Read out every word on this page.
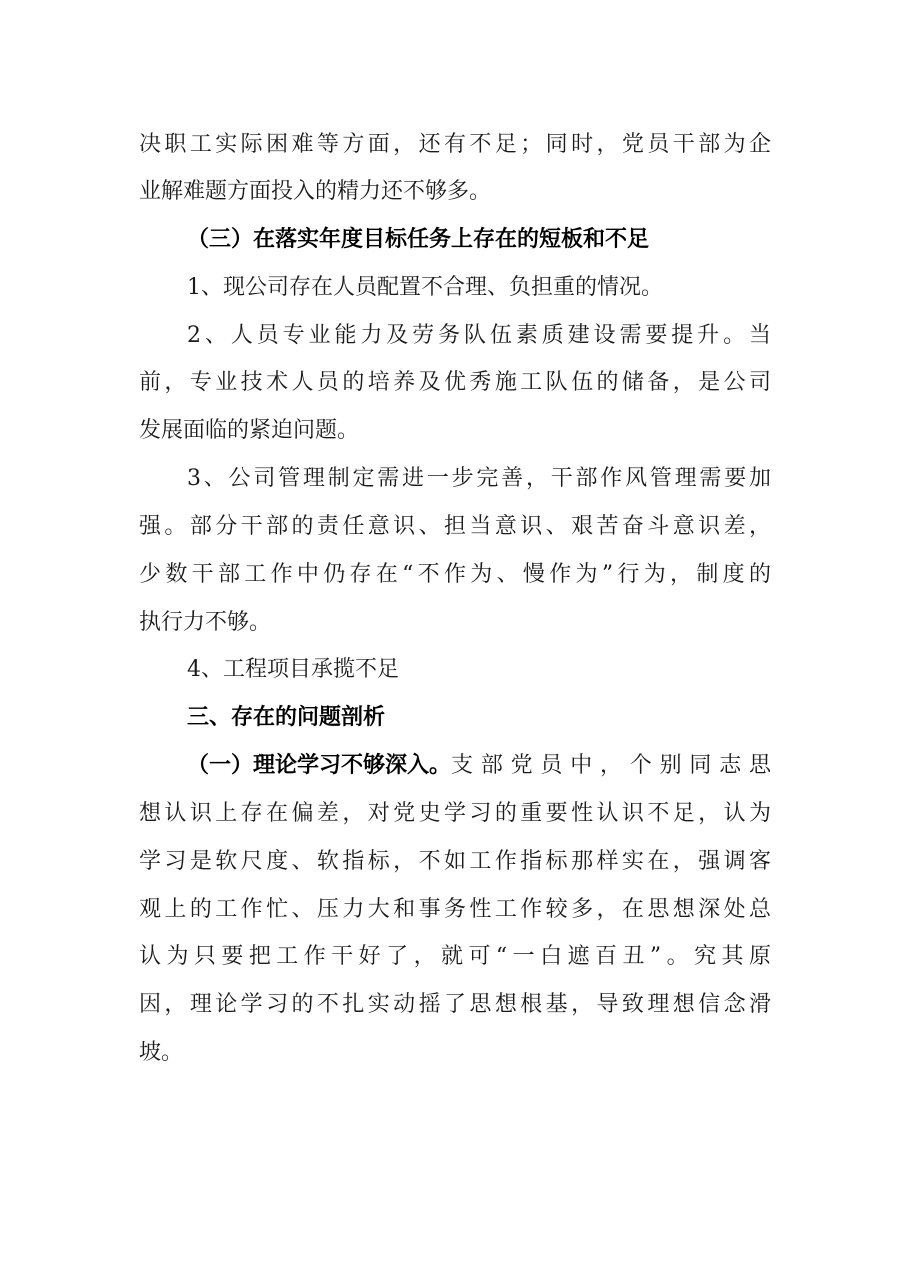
决职工实际困难等方面，还有不足；同时，党员干部为企
业解难题方面投入的精力还不够多。
（三）在落实年度目标任务上存在的短板和不足
1、现公司存在人员配置不合理、负担重的情况。
2、人员专业能力及劳务队伍素质建设需要提升。当
前，专业技术人员的培养及优秀施工队伍的储备，是公司
发展面临的紧迫问题。
3、公司管理制定需进一步完善，干部作风管理需要加
强。部分干部的责任意识、担当意识、艰苦奋斗意识差，
少数干部工作中仍存在“不作为、慢作为”行为，制度的
执行力不够。
4、工程项目承揽不足
三、存在的问题剖析
（一）理论学习不够深入。 支部党员中，个别同志思
想认识上存在偏差，对党史学习的重要性认识不足，认为
学习是软尺度、软指标，不如工作指标那样实在，强调客
观上的工作忙、压力大和事务性工作较多，在思想深处总
认为只要把工作干好了，就可“一白遮百丑”。究其原
因，理论学习的不扎实动摇了思想根基，导致理想信念滑
坡。
